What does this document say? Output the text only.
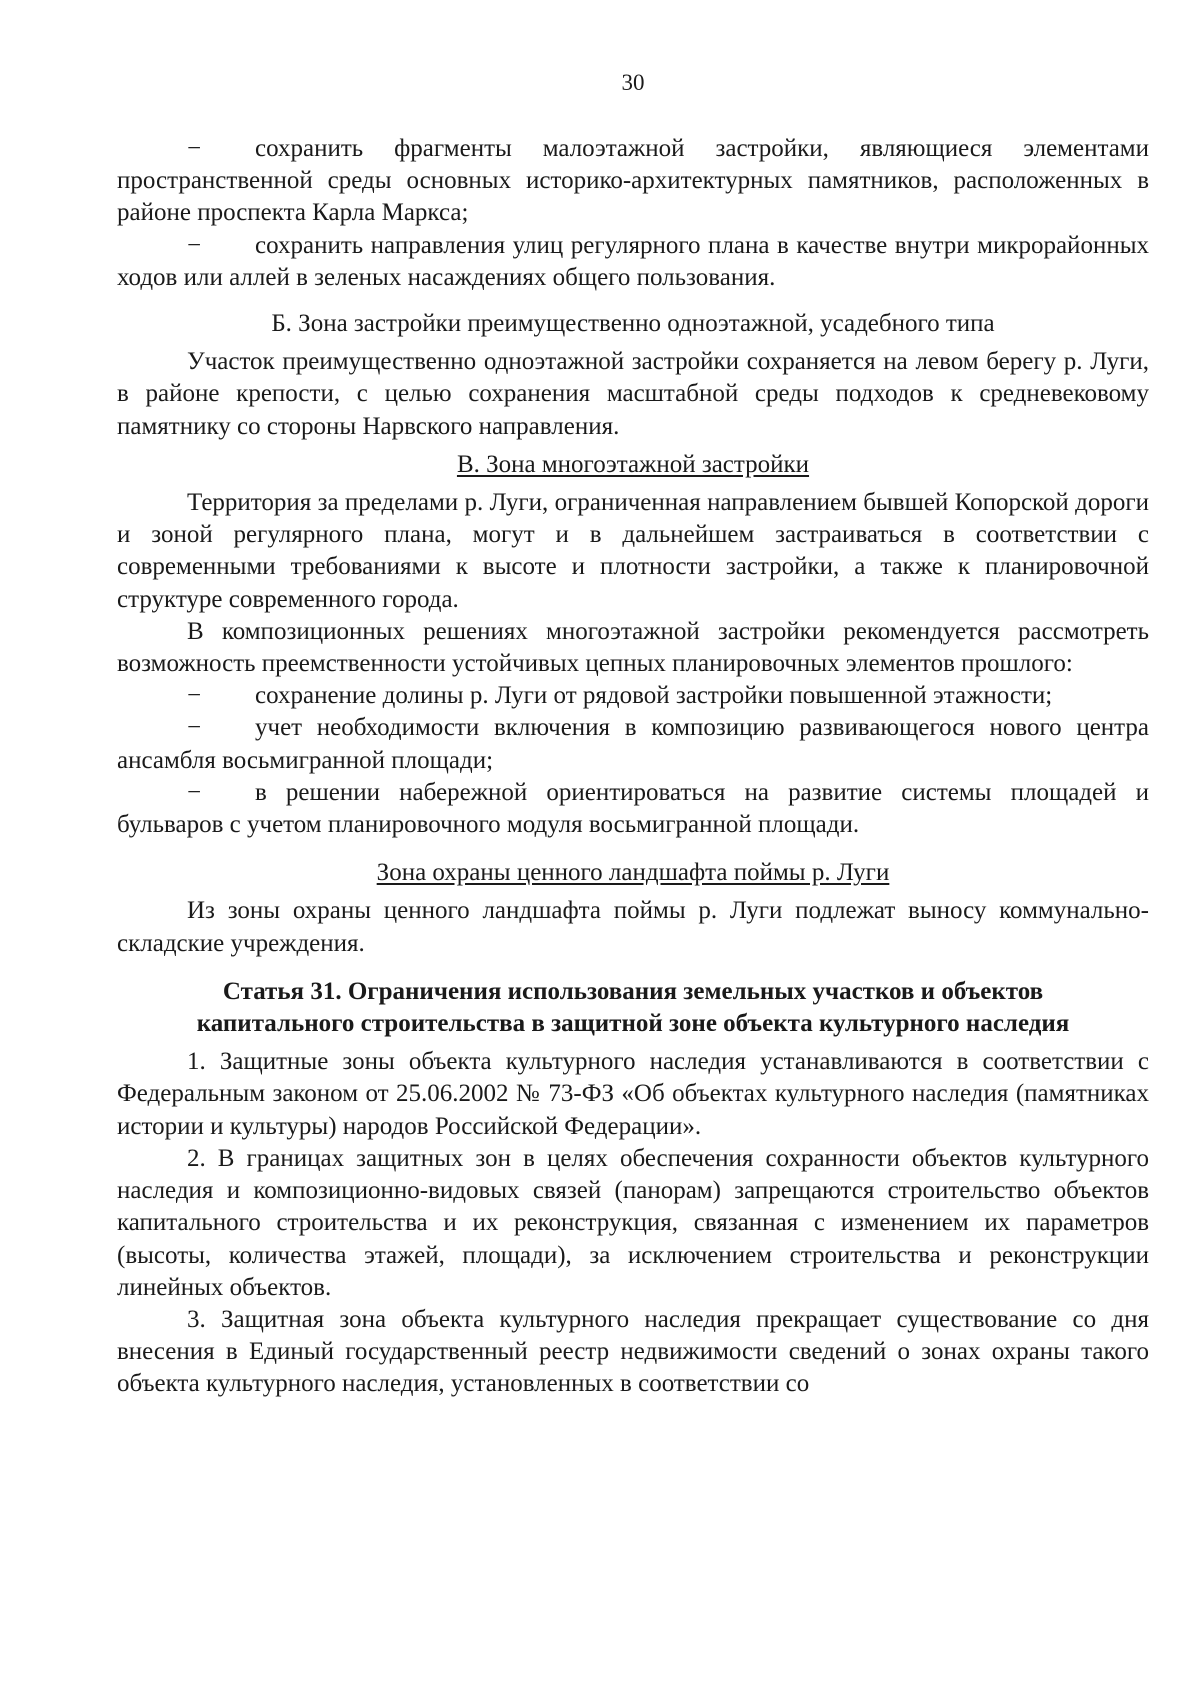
30

− сохранить фрагменты малоэтажной застройки, являющиеся элементами пространственной среды основных историко-архитектурных памятников, расположенных в районе проспекта Карла Маркса;

− сохранить направления улиц регулярного плана в качестве внутри микрорайонных ходов или аллей в зеленых насаждениях общего пользования.

Б. Зона застройки преимущественно одноэтажной, усадебного типа

Участок преимущественно одноэтажной застройки сохраняется на левом берегу р. Луги, в районе крепости, с целью сохранения масштабной среды подходов к средневековому памятнику со стороны Нарвского направления.

В. Зона многоэтажной застройки

Территория за пределами р. Луги, ограниченная направлением бывшей Копорской дороги и зоной регулярного плана, могут и в дальнейшем застраиваться в соответствии с современными требованиями к высоте и плотности застройки, а также к планировочной структуре современного города.

В композиционных решениях многоэтажной застройки рекомендуется рассмотреть возможность преемственности устойчивых цепных планировочных элементов прошлого:

− сохранение долины р. Луги от рядовой застройки повышенной этажности;

− учет необходимости включения в композицию развивающегося нового центра ансамбля восьмигранной площади;

− в решении набережной ориентироваться на развитие системы площадей и бульваров с учетом планировочного модуля восьмигранной площади.

Зона охраны ценного ландшафта поймы р. Луги

Из зоны охраны ценного ландшафта поймы р. Луги подлежат выносу коммунально-складские учреждения.

Статья 31. Ограничения использования земельных участков и объектов

капитального строительства в защитной зоне объекта культурного наследия

1. Защитные зоны объекта культурного наследия устанавливаются в соответствии с Федеральным законом от 25.06.2002 № 73-ФЗ «Об объектах культурного наследия (памятниках истории и культуры) народов Российской Федерации».

2. В границах защитных зон в целях обеспечения сохранности объектов культурного наследия и композиционно-видовых связей (панорам) запрещаются строительство объектов капитального строительства и их реконструкция, связанная с изменением их параметров (высоты, количества этажей, площади), за исключением строительства и реконструкции линейных объектов.

3. Защитная зона объекта культурного наследия прекращает существование со дня внесения в Единый государственный реестр недвижимости сведений о зонах охраны такого объекта культурного наследия, установленных в соответствии со
